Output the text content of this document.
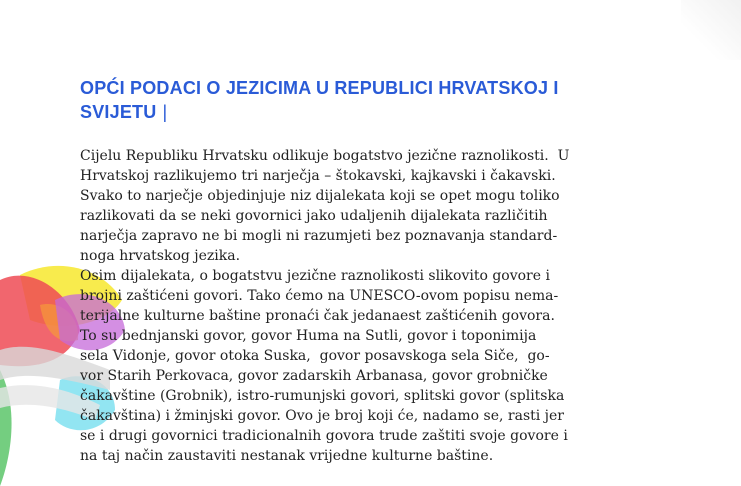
OPĆI PODACI O JEZICIMA U REPUBLICI HRVATSKOJ I
SVIJETU |
Cijelu Republiku Hrvatsku odlikuje bogatstvo jezične raznolikosti.  U
Hrvatskoj razlikujemo tri narječja – štokavski, kajkavski i čakavski.
Svako to narječje objedinjuje niz dijalekata koji se opet mogu toliko
razlikovati da se neki govornici jako udaljenih dijalekata različitih
narječja zapravo ne bi mogli ni razumjeti bez poznavanja standard-
noga hrvatskog jezika.
Osim dijalekata, o bogatstvu jezične raznolikosti slikovito govore i
brojni zaštićeni govori. Tako ćemo na UNESCO-ovom popisu nema-
terijalne kulturne baštine pronaći čak jedanaest zaštićenih govora.
To su bednjanski govor, govor Huma na Sutli, govor i toponimija
sela Vidonje, govor otoka Suska,  govor posavskoga sela Siče,  go-
vor Starih Perkovaca, govor zadarskih Arbanasa, govor grobničke
čakavštine (Grobnik), istro-rumunjski govori, splitski govor (splitska
čakavština) i žminjski govor. Ovo je broj koji će, nadamo se, rasti jer
se i drugi govornici tradicionalnih govora trude zaštiti svoje govore i
na taj način zaustaviti nestanak vrijedne kulturne baštine.
